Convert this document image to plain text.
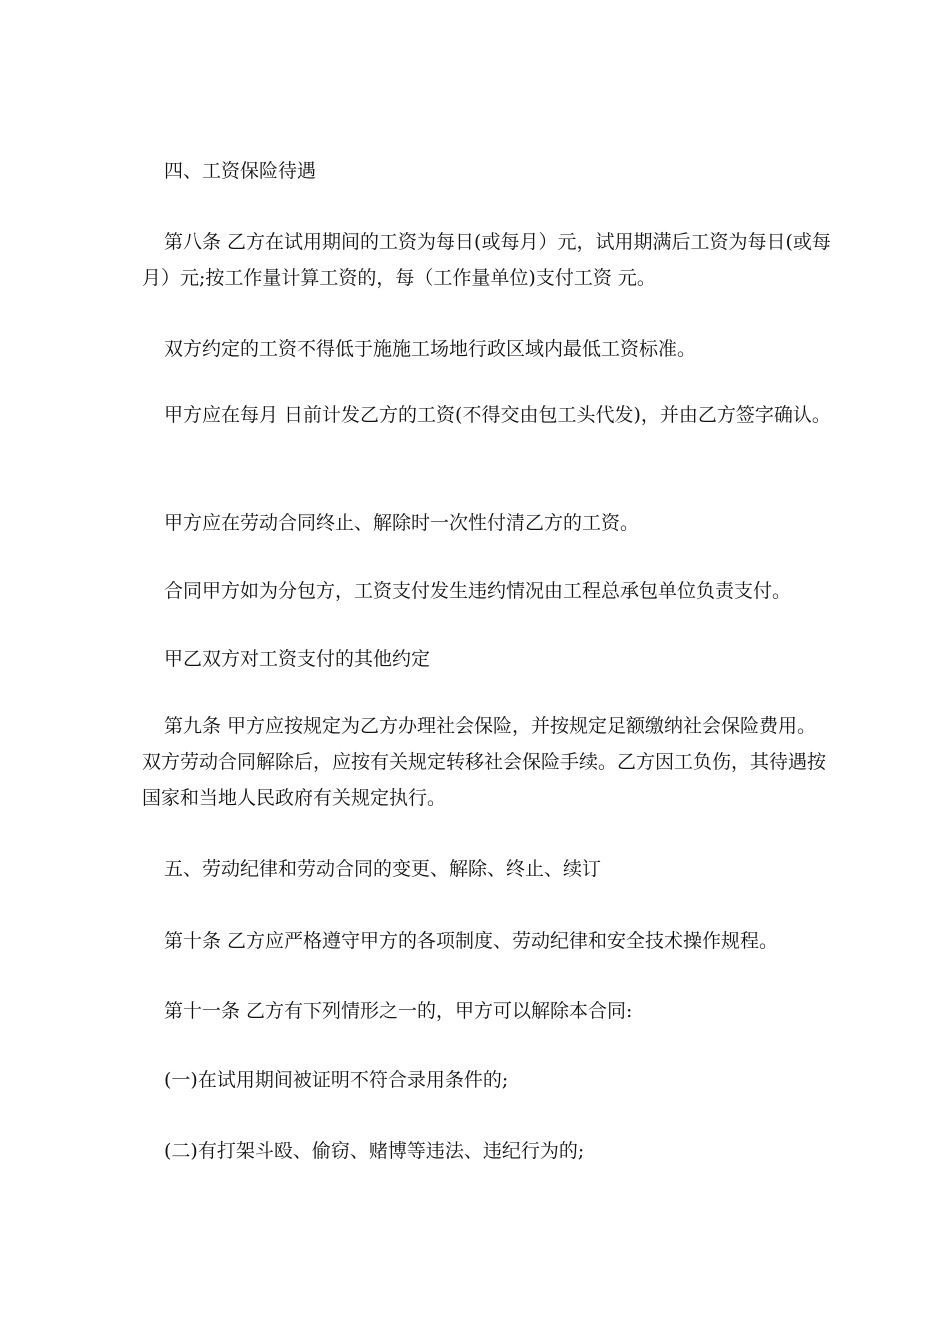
四、工资保险待遇

第八条 乙方在试用期间的工资为每日(或每月）元，试用期满后工资为每日(或每月）元;按工作量计算工资的，每（工作量单位)支付工资 元。

双方约定的工资不得低于施施工场地行政区域内最低工资标准。

甲方应在每月 日前计发乙方的工资(不得交由包工头代发)，并由乙方签字确认。

甲方应在劳动合同终止、解除时一次性付清乙方的工资。

合同甲方如为分包方，工资支付发生违约情况由工程总承包单位负责支付。

甲乙双方对工资支付的其他约定

第九条 甲方应按规定为乙方办理社会保险，并按规定足额缴纳社会保险费用。双方劳动合同解除后，应按有关规定转移社会保险手续。乙方因工负伤，其待遇按国家和当地人民政府有关规定执行。

五、劳动纪律和劳动合同的变更、解除、终止、续订

第十条 乙方应严格遵守甲方的各项制度、劳动纪律和安全技术操作规程。

第十一条 乙方有下列情形之一的，甲方可以解除本合同:

(一)在试用期间被证明不符合录用条件的;

(二)有打架斗殴、偷窃、赌博等违法、违纪行为的;
